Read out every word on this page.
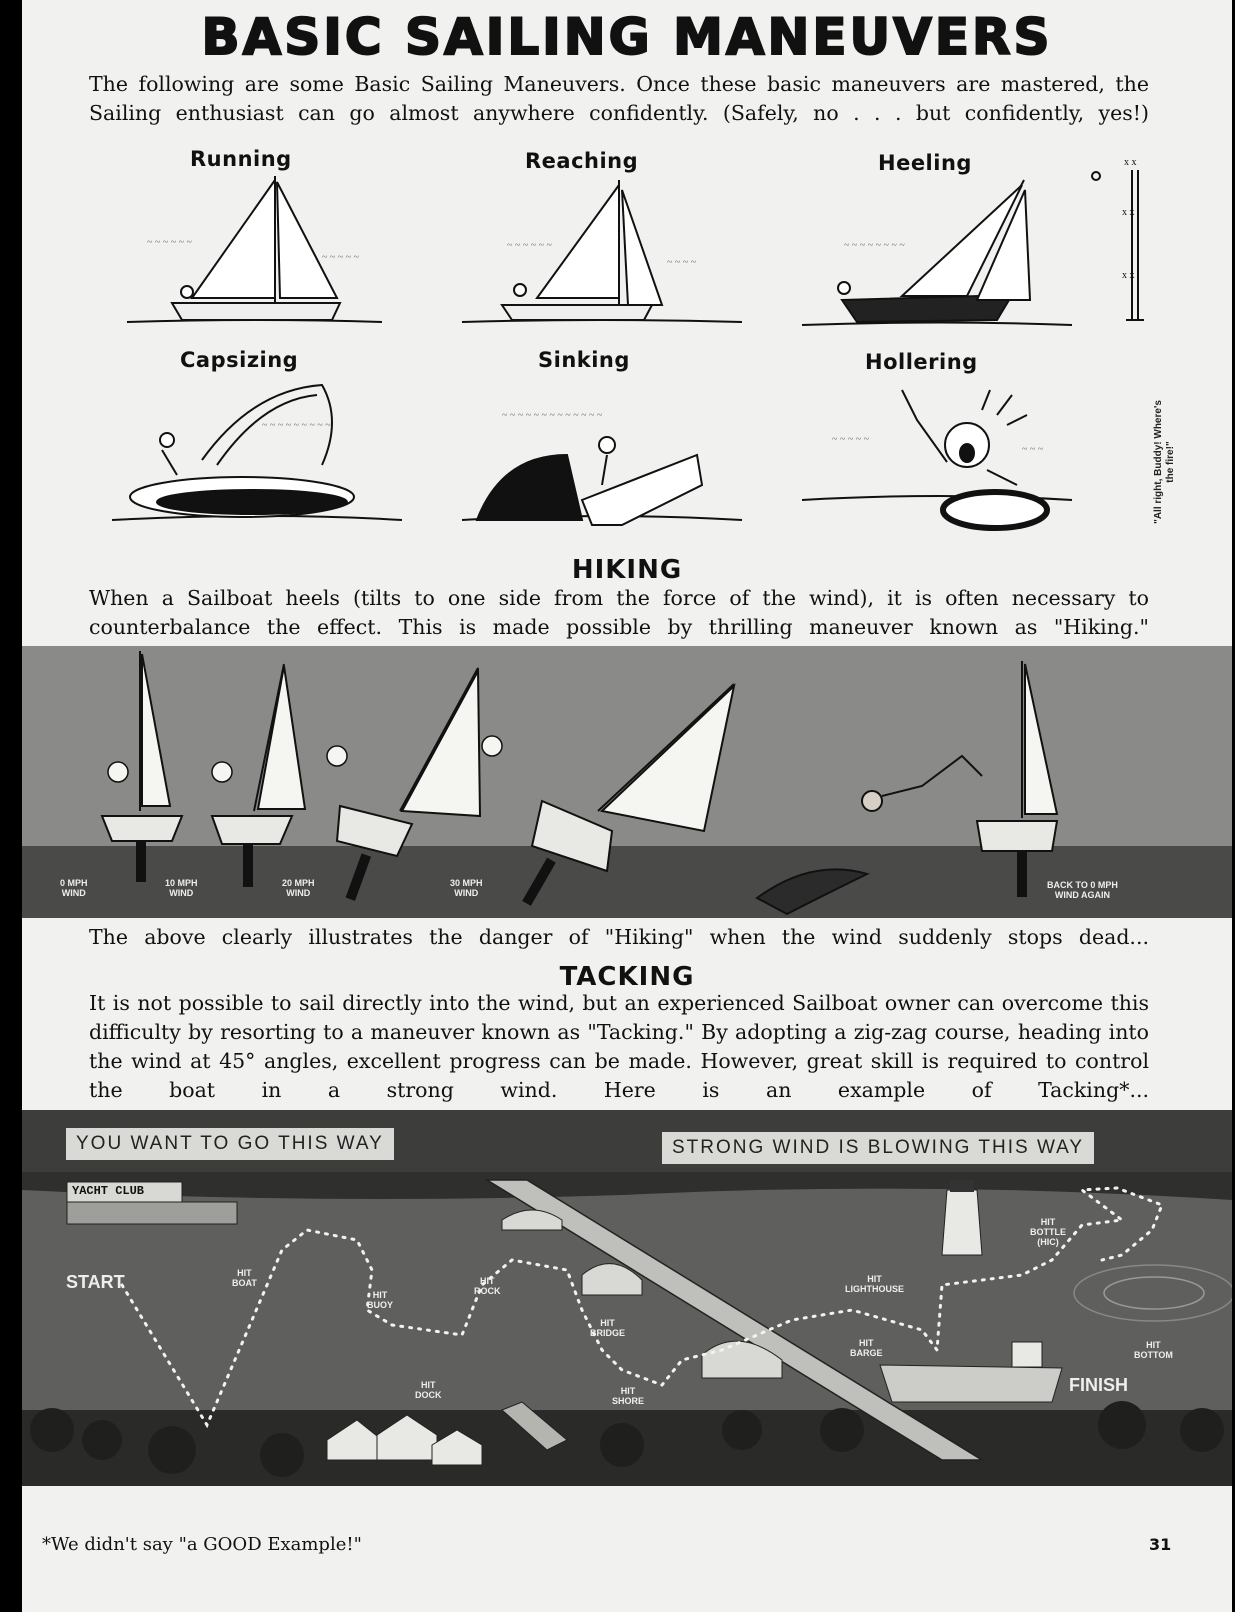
BASIC SAILING MANEUVERS
The following are some Basic Sailing Maneuvers. Once these basic maneuvers are mastered, the Sailing enthusiast can go almost anywhere confidently. (Safely, no . . . but confidently, yes!)
Running	Reaching	Heeling
Capsizing	Sinking	Hollering
~ ~ ~ ~ ~ ~
~ ~ ~ ~ ~
~ ~ ~ ~ ~ ~
~ ~ ~ ~
~ ~ ~ ~ ~ ~ ~ ~
~ ~ ~ ~ ~ ~ ~ ~ ~
~ ~ ~ ~ ~ ~ ~ ~ ~ ~ ~ ~ ~
~ ~ ~ ~ ~
~ ~ ~
x x
x x
x x
"All right, Buddy! Where's the fire!"
HIKING
When a Sailboat heels (tilts to one side from the force of the wind), it is often necessary to counterbalance the effect. This is made possible by thrilling maneuver known as "Hiking."
0 MPH
WIND
10 MPH
WIND
20 MPH
WIND
30 MPH
WIND
BACK TO 0 MPH
WIND AGAIN
The above clearly illustrates the danger of "Hiking" when the wind suddenly stops dead...
TACKING
It is not possible to sail directly into the wind, but an experienced Sailboat owner can overcome this difficulty by resorting to a maneuver known as "Tacking." By adopting a zig-zag course, heading into the wind at 45° angles, excellent progress can be made. However, great skill is required to control the boat in a strong wind. Here is an example of Tacking*...
YOU WANT TO GO THIS WAY	STRONG WIND IS BLOWING THIS WAY
YACHT CLUB
START
FINISH
HIT
BOAT
HIT
BUOY
HIT
ROCK
HIT
BRIDGE
HIT
DOCK	HIT
SHORE
HIT
LIGHTHOUSE
HIT
BARGE
HIT
BOTTLE
(HIC)
HIT
BOTTOM
*We didn't say "a GOOD Example!"	31
